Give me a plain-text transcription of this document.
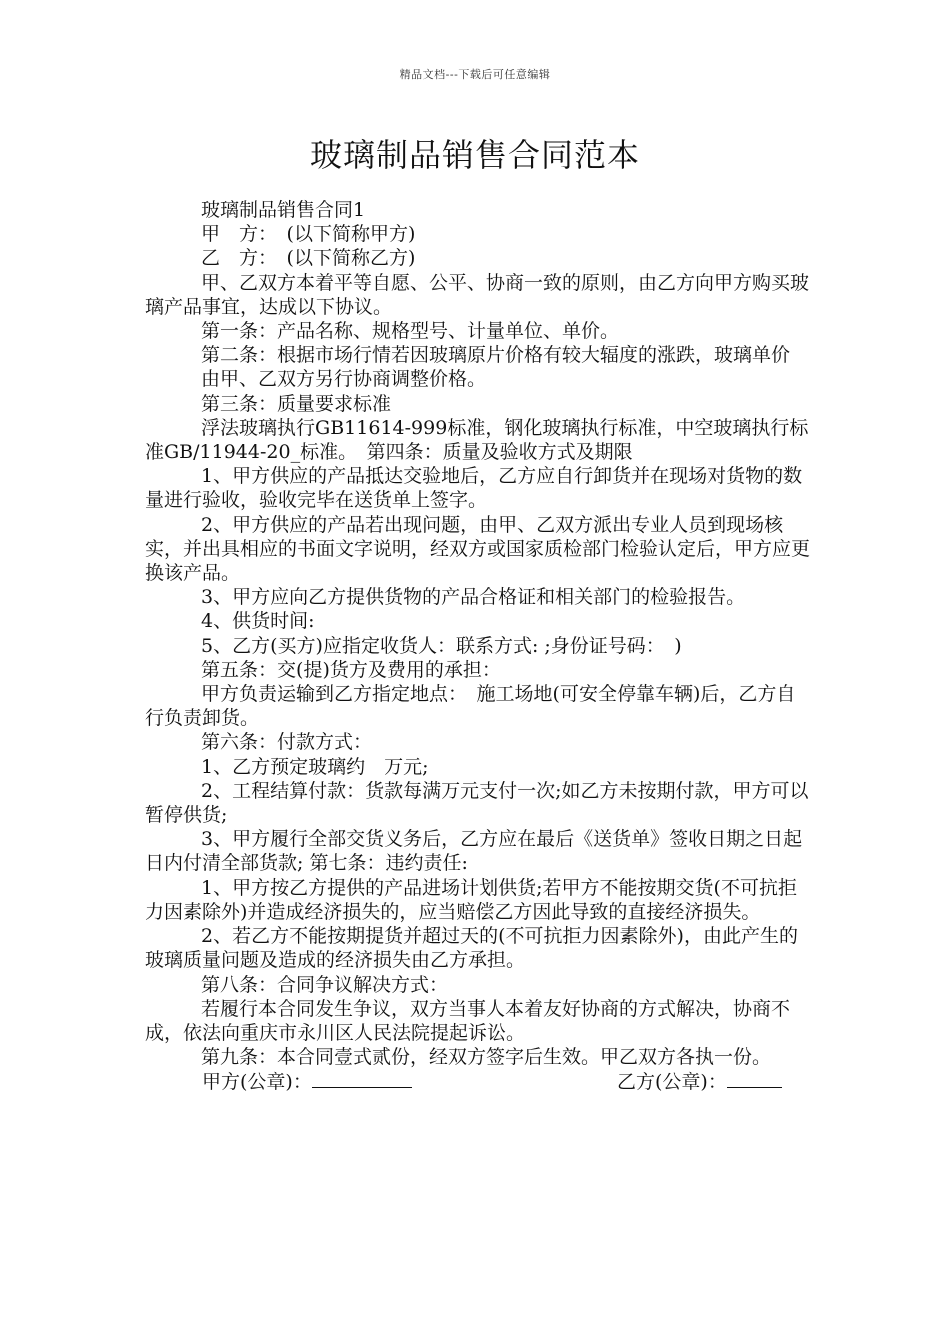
精品文档---下载后可任意编辑
玻璃制品销售合同范本

玻璃制品销售合同1

甲　方：　(以下简称甲方)

乙　方：　(以下简称乙方)

甲、乙双方本着平等自愿、公平、协商一致的原则，由乙方向甲方购买玻璃产品事宜，达成以下协议。

第一条：产品名称、规格型号、计量单位、单价。

第二条：根据市场行情若因玻璃原片价格有较大辐度的涨跌，玻璃单价

由甲、乙双方另行协商调整价格。

第三条：质量要求标准

浮法玻璃执行GB11614-999标准，钢化玻璃执行标准，中空玻璃执行标准GB/11944-20_标准。　第四条：质量及验收方式及期限

1、甲方供应的产品抵达交验地后，乙方应自行卸货并在现场对货物的数量进行验收，验收完毕在送货单上签字。

2、甲方供应的产品若出现问题，由甲、乙双方派出专业人员到现场核实，并出具相应的书面文字说明，经双方或国家质检部门检验认定后，甲方应更换该产品。

3、甲方应向乙方提供货物的产品合格证和相关部门的检验报告。

4、供货时间:

5、乙方(买方)应指定收货人：联系方式: ;身份证号码：　)

第五条：交(提)货方及费用的承担：

甲方负责运输到乙方指定地点：　施工场地(可安全停靠车辆)后，乙方自行负责卸货。

第六条：付款方式：

1、乙方预定玻璃约　万元;

2、工程结算付款：货款每满万元支付一次;如乙方未按期付款，甲方可以暂停供货;

3、甲方履行全部交货义务后，乙方应在最后《送货单》签收日期之日起　日内付清全部货款; 第七条：违约责任:

1、甲方按乙方提供的产品进场计划供货;若甲方不能按期交货(不可抗拒力因素除外)并造成经济损失的，应当赔偿乙方因此导致的直接经济损失。

2、若乙方不能按期提货并超过天的(不可抗拒力因素除外)，由此产生的玻璃质量问题及造成的经济损失由乙方承担。

第八条：合同争议解决方式：

若履行本合同发生争议，双方当事人本着友好协商的方式解决，协商不成，依法向重庆市永川区人民法院提起诉讼。

第九条：本合同壹式贰份，经双方签字后生效。甲乙双方各执一份。

甲方(公章)：	乙方(公章)：
